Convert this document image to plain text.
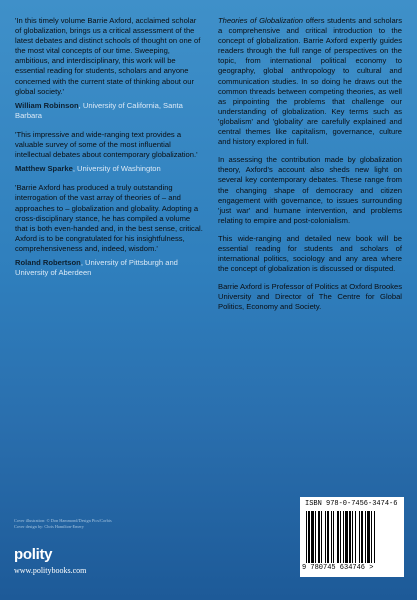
'In this timely volume Barrie Axford, acclaimed scholar of globalization, brings us a critical assessment of the latest debates and distinct schools of thought on one of the most vital concepts of our time. Sweeping, ambitious, and interdisciplinary, this work will be essential reading for students, scholars and anyone concerned with the current state of thinking about our global society.'

William Robinson, University of California, Santa Barbara

'This impressive and wide-ranging text provides a valuable survey of some of the most influential intellectual debates about contemporary globalization.'

Matthew Sparke, University of Washington

'Barrie Axford has produced a truly outstanding interrogation of the vast array of theories of – and approaches to – globalization and globality. Adopting a cross-disciplinary stance, he has compiled a volume that is both even-handed and, in the best sense, critical. Axford is to be congratulated for his insightfulness, comprehensiveness and, indeed, wisdom.'

Roland Robertson, University of Pittsburgh and University of Aberdeen

Theories of Globalization offers students and scholars a comprehensive and critical introduction to the concept of globalization. Barrie Axford expertly guides readers through the full range of perspectives on the topic, from international political economy to geography, global anthropology to cultural and communication studies. In so doing he draws out the common threads between competing theories, as well as pinpointing the problems that challenge our understanding of globalization. Key terms such as 'globalism' and 'globality' are carefully explained and central themes like capitalism, governance, culture and history explored in full.

In assessing the contribution made by globalization theory, Axford's account also sheds new light on several key contemporary debates. These range from the changing shape of democracy and citizen engagement with governance, to issues surrounding 'just war' and humane intervention, and problems relating to empire and post-colonialism.

This wide-ranging and detailed new book will be essential reading for students and scholars of international politics, sociology and any area where the concept of globalization is discussed or disputed.

Barrie Axford is Professor of Politics at Oxford Brookes University and Director of The Centre for Global Politics, Economy and Society.

Cover illustration: © Don Hammond/Design Pics/Corbis
Cover design by: Chris Hamilton-Emery
polity
www.politybooks.com
ISBN 978-0-7456-3474-6
9 780745 634746 >
